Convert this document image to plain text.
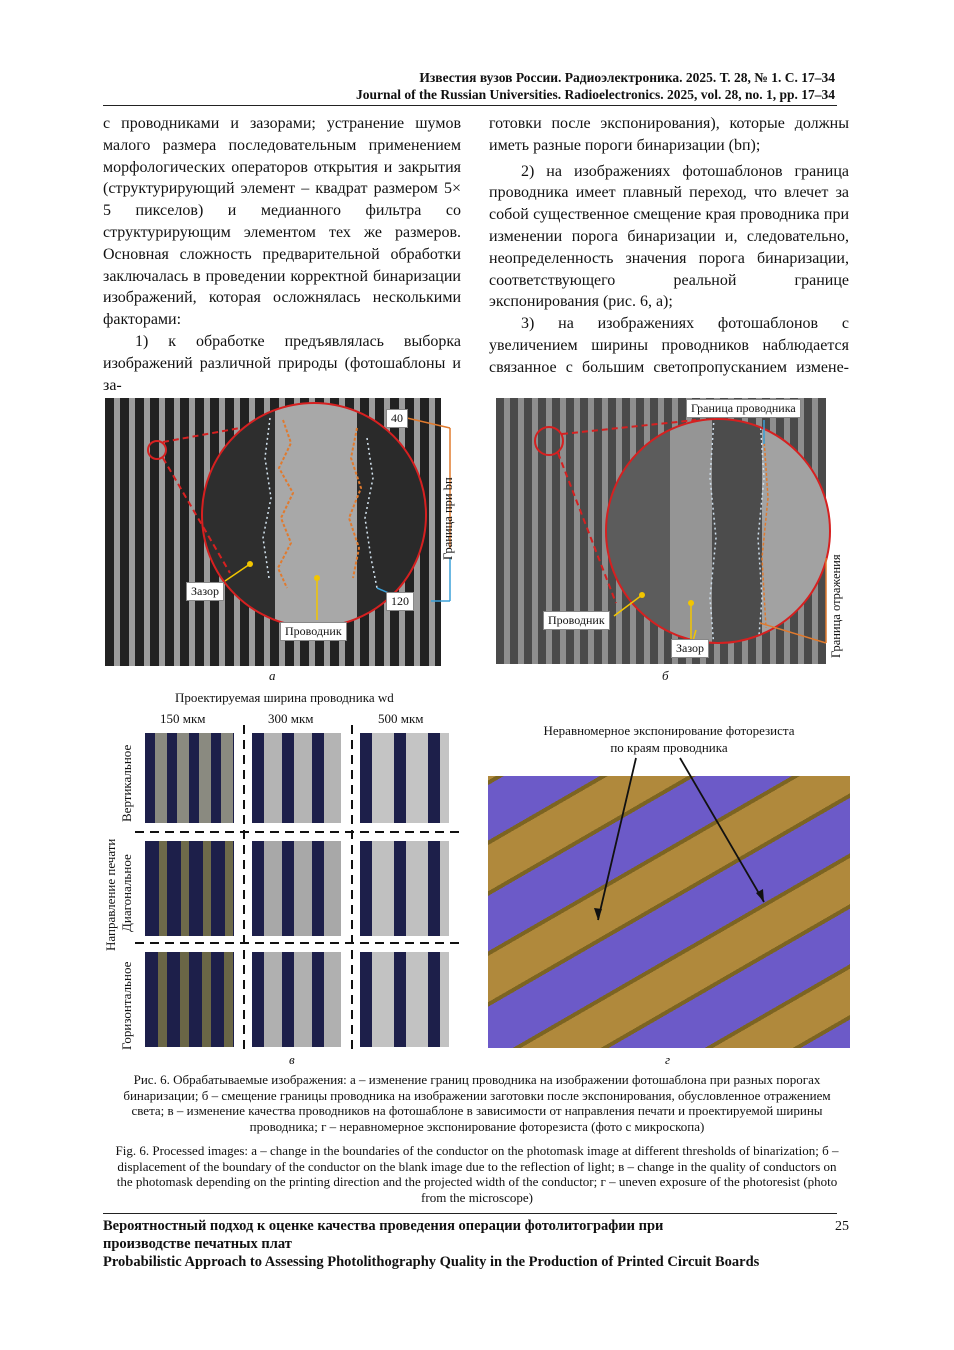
Известия вузов России. Радиоэлектроника. 2025. Т. 28, № 1. С. 17–34
Journal of the Russian Universities. Radioelectronics. 2025, vol. 28, no. 1, pp. 17–34

с проводниками и зазорами; устранение шумов малого размера последовательным применением морфологических операторов открытия и закрытия (структурирующий элемент – квадрат размером 5× 5 пикселов) и медианного фильтра со структурирующим элементом тех же размеров. Основная сложность предварительной обработки заключалась в проведении корректной бинаризации изображений, которая осложнялась несколькими факторами:

1) к обработке предъявлялась выборка изображений различной природы (фотошаблоны и за-

готовки после экспонирования), которые должны иметь разные пороги бинаризации (bп);

2) на изображениях фотошаблонов граница проводника имеет плавный переход, что влечет за собой существенное смещение края проводника при изменении порога бинаризации и, следовательно, неопределенность значения порога бинаризации, соответствующего реальной границе экспонирования (рис. 6, а);

3) на изображениях фотошаблонов с увеличением ширины проводников наблюдается связанное с большим светопропусканием измене-

40
120
Зазор
Проводник
Граница при bп
а
Граница проводника
Проводник
Зазор	Граница отражения
б
Проектируемая ширина проводника wd
150 мкм	300 мкм	500 мкм
Направление печати
Вертикальное
Диагональное
Горизонтальное
в
Неравномерное экспонирование фоторезиста
по краям проводника
г
Рис. 6. Обрабатываемые изображения: а – изменение границ проводника на изображении фотошаблона при разных порогах бинаризации; б – смещение границы проводника на изображении заготовки после экспонирования, обусловленное отражением света; в – изменение качества проводников на фотошаблоне в зависимости от направления печати и проектируемой ширины проводника; г – неравномерное экспонирование фоторезиста (фото с микроскопа)
Fig. 6. Processed images: а – change in the boundaries of the conductor on the photomask image at different thresholds of binarization; б – displacement of the boundary of the conductor on the blank image due to the reflection of light; в – change in the quality of conductors on the photomask depending on the printing direction and the projected width of the conductor; г – uneven exposure of the photoresist (photo from the microscope)
Вероятностный подход к оценке качества проведения операции фотолитографии при производстве печатных плат
Probabilistic Approach to Assessing Photolithography Quality in the Production of Printed Circuit Boards
25
